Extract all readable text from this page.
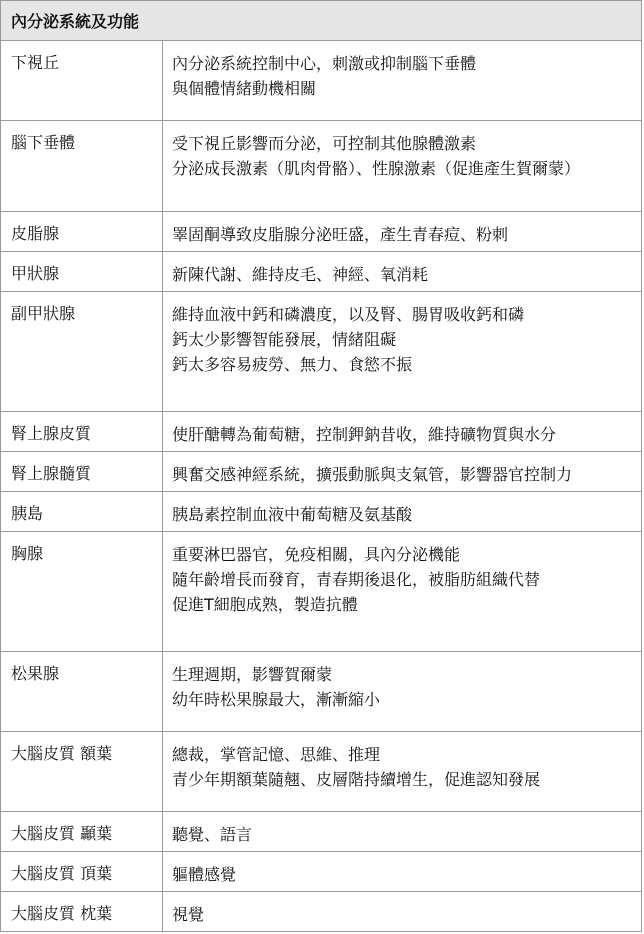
內分泌系統及功能
下視丘	內分泌系統控制中心，刺激或抑制腦下垂體
與個體情緒動機相關
腦下垂體	受下視丘影響而分泌，可控制其他腺體激素
分泌成長激素（肌肉骨骼）、性腺激素（促進產生賀爾蒙）
皮脂腺	睪固酮導致皮脂腺分泌旺盛，產生青春痘、粉刺
甲狀腺	新陳代謝、維持皮毛、神經、氧消耗
副甲狀腺	維持血液中鈣和磷濃度，以及腎、腸胃吸收鈣和磷
鈣太少影響智能發展，情緒阻礙
鈣太多容易疲勞、無力、食慾不振
腎上腺皮質	使肝醣轉為葡萄糖，控制鉀鈉昔收，維持礦物質與水分
腎上腺髓質	興奮交感神經系統，擴張動脈與支氣管，影響器官控制力
胰島	胰島素控制血液中葡萄糖及氨基酸
胸腺	重要淋巴器官，免疫相關，具內分泌機能
隨年齡增長而發育，青春期後退化，被脂肪組織代替
促進T細胞成熟，製造抗體
松果腺	生理週期，影響賀爾蒙
幼年時松果腺最大，漸漸縮小
大腦皮質 額葉	總裁，掌管記憶、思維、推理
青少年期額葉隨翹、皮層階持續增生，促進認知發展
大腦皮質 顳葉	聽覺、語言
大腦皮質 頂葉	軀體感覺
大腦皮質 枕葉	視覺
